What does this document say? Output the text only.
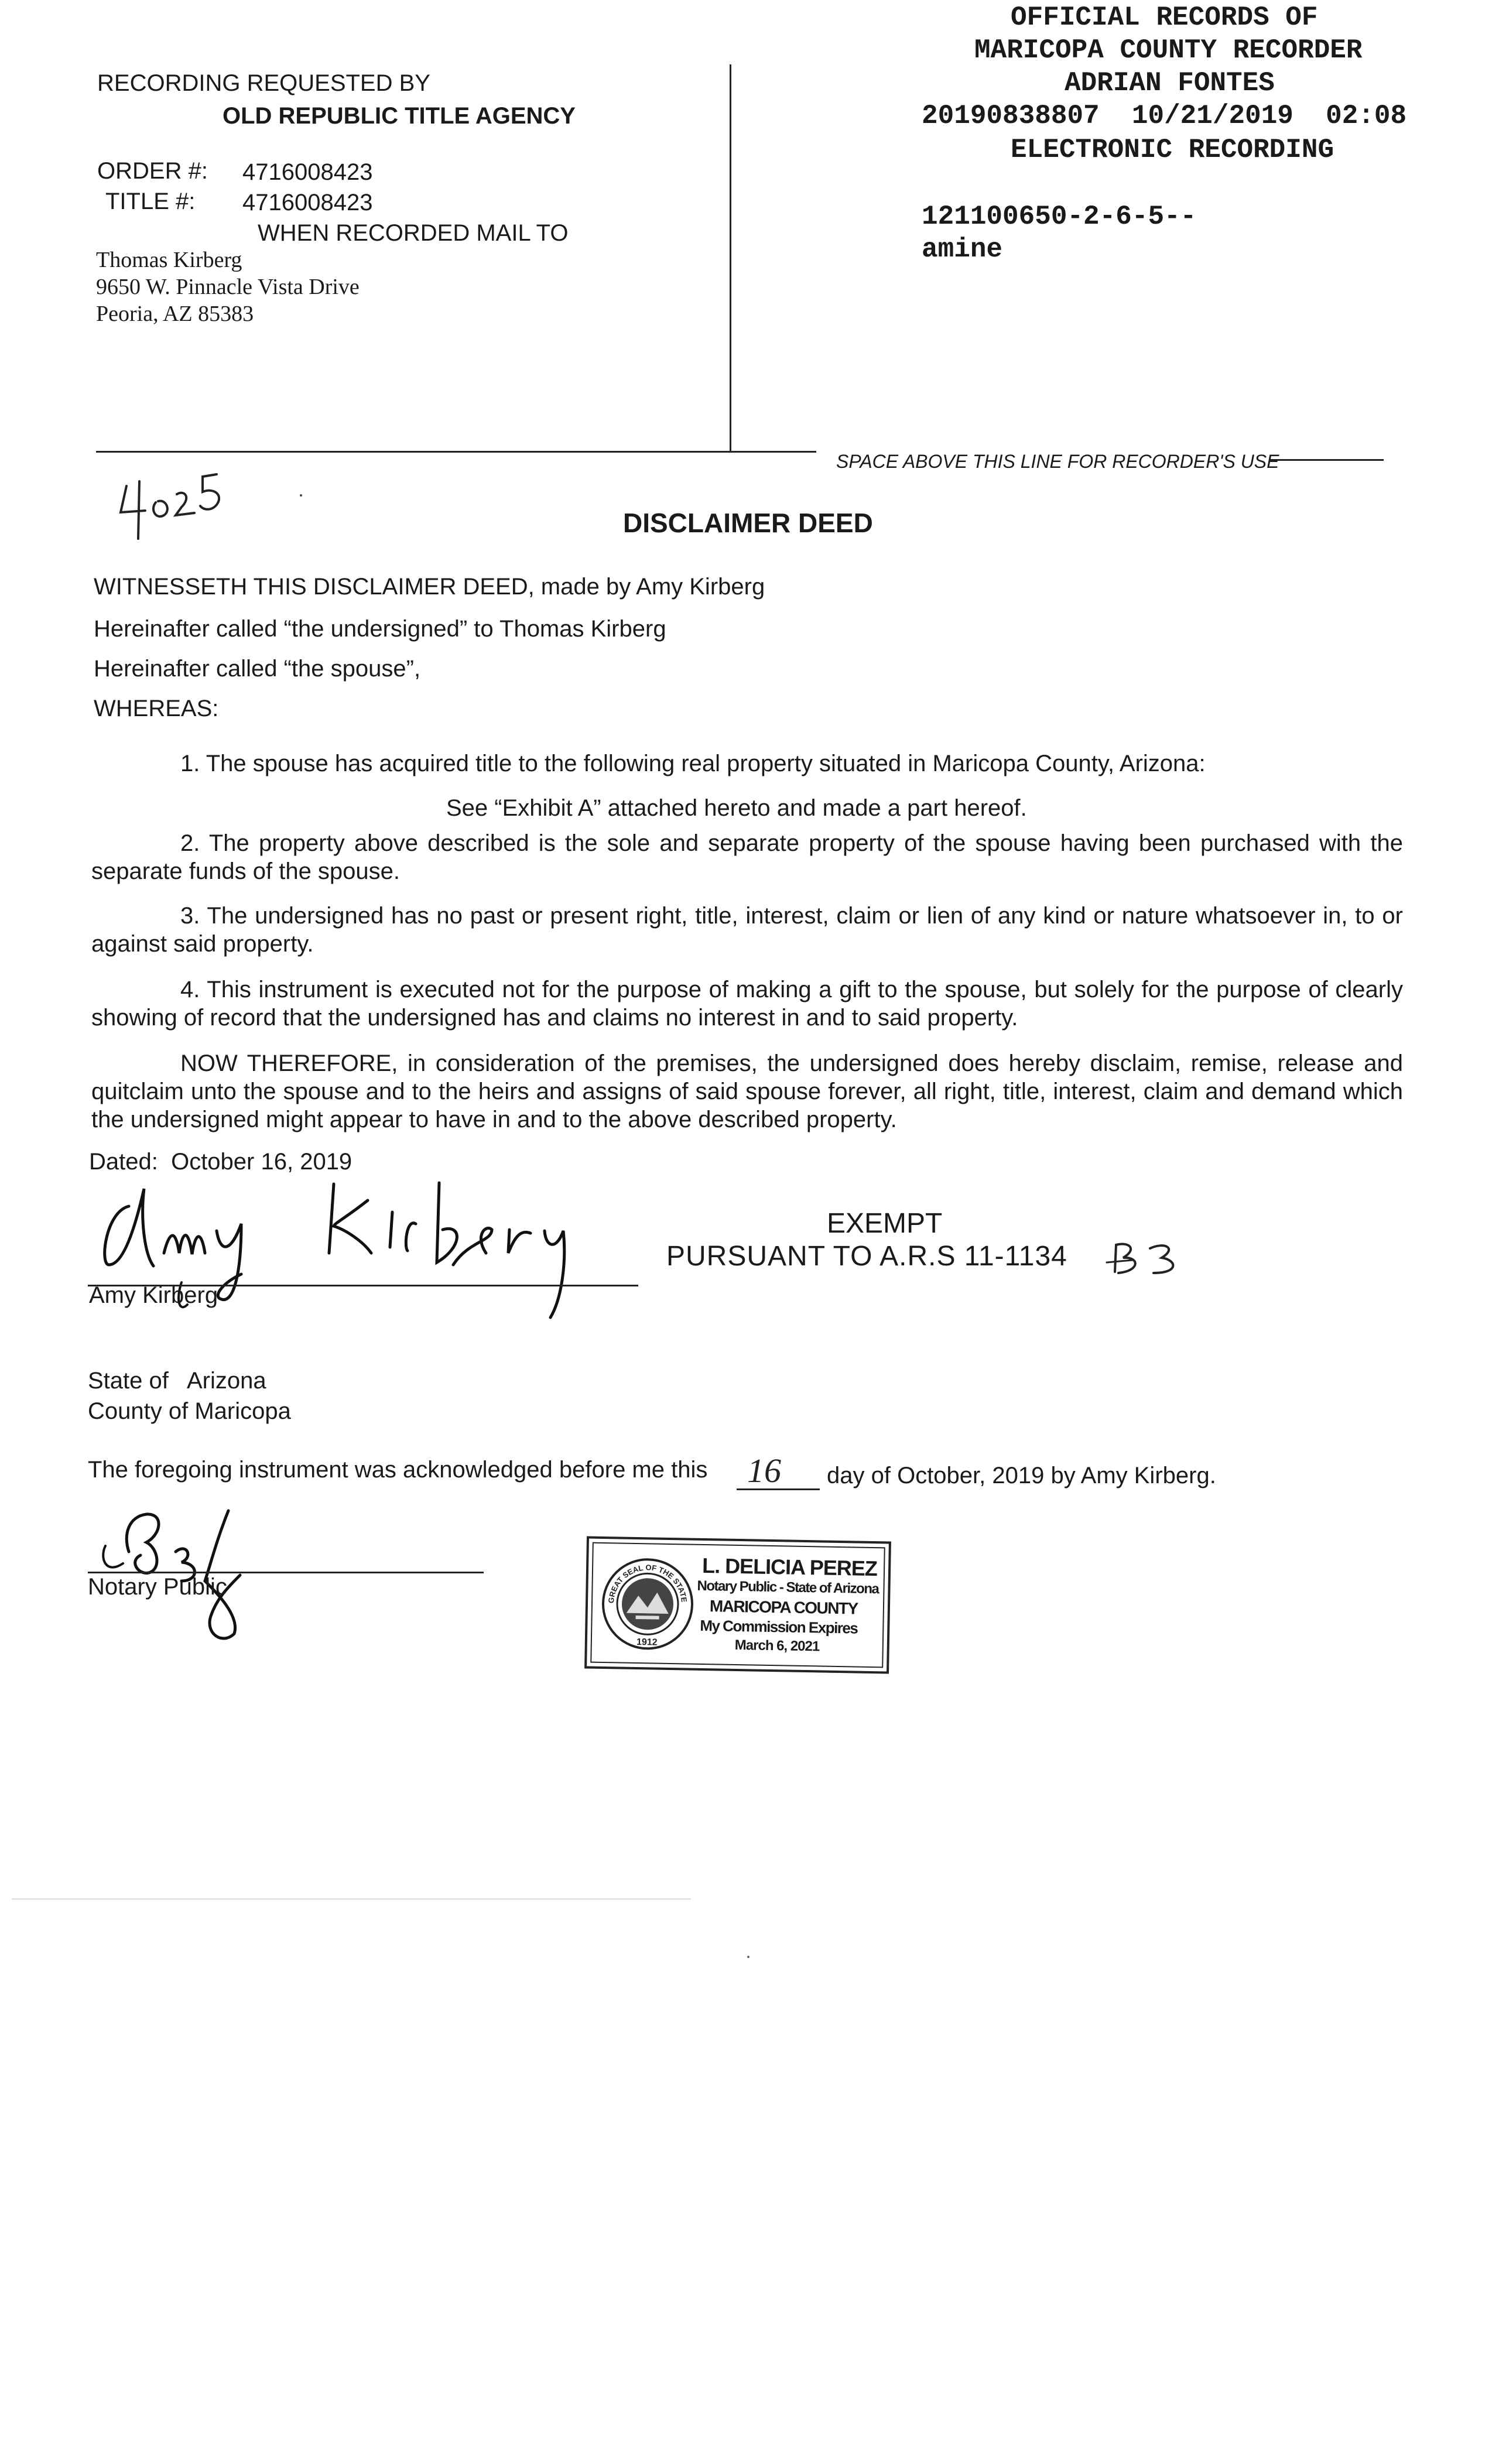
RECORDING REQUESTED BY
OLD REPUBLIC TITLE AGENCY
ORDER #: 4716008423
TITLE #: 4716008423
WHEN RECORDED MAIL TO
Thomas Kirberg
9650 W. Pinnacle Vista Drive
Peoria, AZ 85383
OFFICIAL RECORDS OF
MARICOPA COUNTY RECORDER
ADRIAN FONTES
20190838807  10/21/2019  02:08
ELECTRONIC RECORDING
121100650-2-6-5--
amine
SPACE ABOVE THIS LINE FOR RECORDER'S USE
DISCLAIMER DEED
WITNESSETH THIS DISCLAIMER DEED, made by Amy Kirberg
Hereinafter called “the undersigned” to Thomas Kirberg
Hereinafter called “the spouse”,
WHEREAS:
1. The spouse has acquired title to the following real property situated in Maricopa County, Arizona:
See “Exhibit A” attached hereto and made a part hereof.

2. The property above described is the sole and separate property of the spouse having been purchased with the separate funds of the spouse.

3. The undersigned has no past or present right, title, interest, claim or lien of any kind or nature whatsoever in, to or against said property.

4. This instrument is executed not for the purpose of making a gift to the spouse, but solely for the purpose of clearly showing of record that the undersigned has and claims no interest in and to said property.

NOW THEREFORE, in consideration of the premises, the undersigned does hereby disclaim, remise, release and quitclaim unto the spouse and to the heirs and assigns of said spouse forever, all right, title, interest, claim and demand which the undersigned might appear to have in and to the above described property.

Dated:  October 16, 2019
Amy Kirberg
EXEMPT
PURSUANT TO A.R.S 11-1134
State of   Arizona
County of Maricopa
The foregoing instrument was acknowledged before me this 16 day of October, 2019 by Amy Kirberg.
Notary Public
1912
GREAT SEAL OF THE STATE OF ARIZONA	L. DELICIA PEREZ
Notary Public - State of Arizona
MARICOPA COUNTY
My Commission Expires
March 6, 2021
